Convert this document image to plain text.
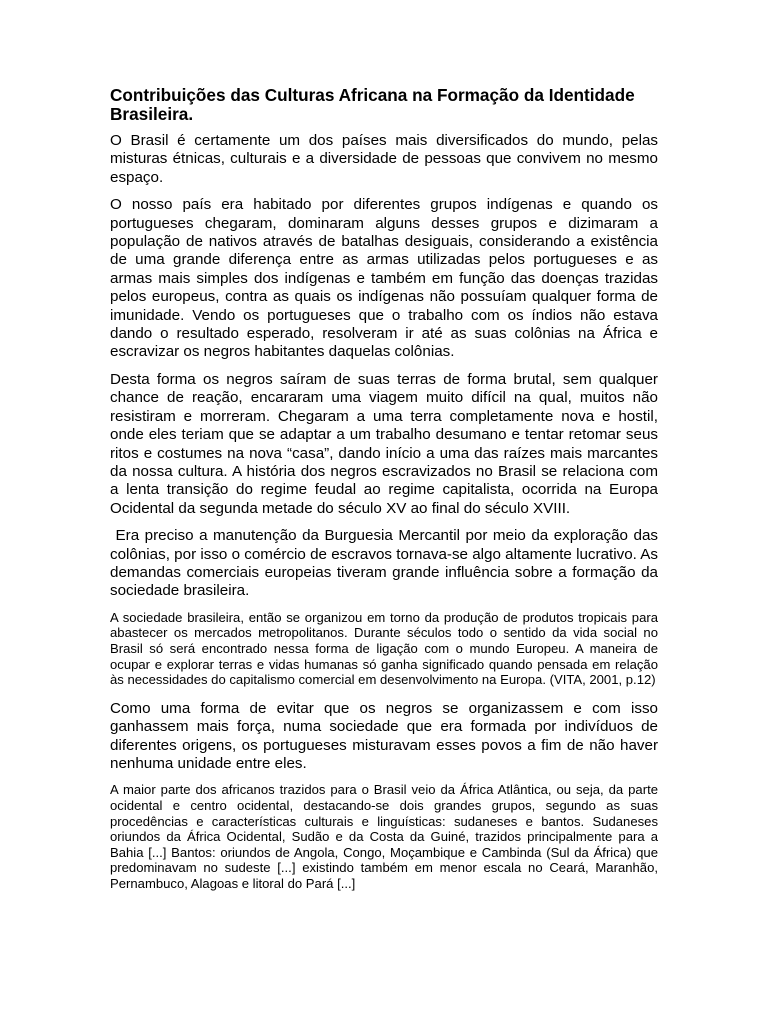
Contribuições das Culturas Africana na Formação da Identidade Brasileira.

O Brasil é certamente um dos países mais diversificados do mundo, pelas misturas étnicas, culturais e a diversidade de pessoas que convivem no mesmo espaço.

O nosso país era habitado por diferentes grupos indígenas e quando os portugueses chegaram, dominaram alguns desses grupos e dizimaram a população de nativos através de batalhas desiguais, considerando a existência de uma grande diferença entre as armas utilizadas pelos portugueses e as armas mais simples dos indígenas e também em função das doenças trazidas pelos europeus, contra as quais os indígenas não possuíam qualquer forma de imunidade. Vendo os portugueses que o trabalho com os índios não estava dando o resultado esperado, resolveram ir até as suas colônias na África e escravizar os negros habitantes daquelas colônias.

Desta forma os negros saíram de suas terras de forma brutal, sem qualquer chance de reação, encararam uma viagem muito difícil na qual, muitos não resistiram e morreram. Chegaram a uma terra completamente nova e hostil, onde eles teriam que se adaptar a um trabalho desumano e tentar retomar seus ritos e costumes na nova “casa”, dando início a uma das raízes mais marcantes da nossa cultura. A história dos negros escravizados no Brasil se relaciona com a lenta transição do regime feudal ao regime capitalista, ocorrida na Europa Ocidental da segunda metade do século XV ao final do século XVIII.

Era preciso a manutenção da Burguesia Mercantil por meio da exploração das colônias, por isso o comércio de escravos tornava-se algo altamente lucrativo. As demandas comerciais europeias tiveram grande influência sobre a formação da sociedade brasileira.

A sociedade brasileira, então se organizou em torno da produção de produtos tropicais para abastecer os mercados metropolitanos. Durante séculos todo o sentido da vida social no Brasil só será encontrado nessa forma de ligação com o mundo Europeu. A maneira de ocupar e explorar terras e vidas humanas só ganha significado quando pensada em relação às necessidades do capitalismo comercial em desenvolvimento na Europa. (VITA, 2001, p.12)

Como uma forma de evitar que os negros se organizassem e com isso ganhassem mais força, numa sociedade que era formada por indivíduos de diferentes origens, os portugueses misturavam esses povos a fim de não haver nenhuma unidade entre eles.

A maior parte dos africanos trazidos para o Brasil veio da África Atlântica, ou seja, da parte ocidental e centro ocidental, destacando-se dois grandes grupos, segundo as suas procedências e características culturais e linguísticas: sudaneses e bantos. Sudaneses oriundos da África Ocidental, Sudão e da Costa da Guiné, trazidos principalmente para a Bahia [...] Bantos: oriundos de Angola, Congo, Moçambique e Cambinda (Sul da África) que predominavam no sudeste [...] existindo também em menor escala no Ceará, Maranhão, Pernambuco, Alagoas e litoral do Pará [...]
